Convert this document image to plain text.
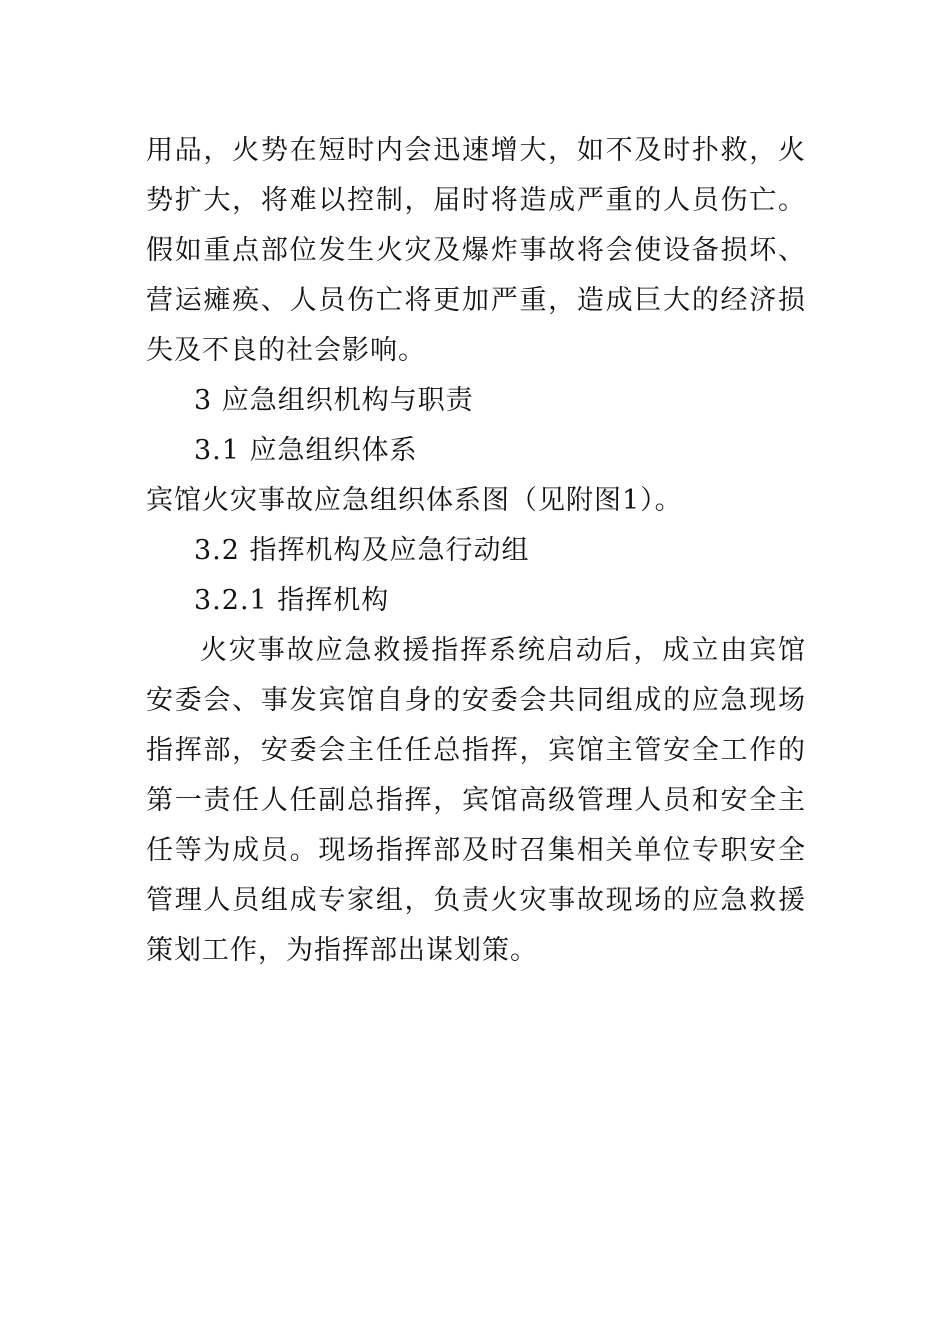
用品，火势在短时内会迅速增大，如不及时扑救，火势扩大，将难以控制，届时将造成严重的人员伤亡。假如重点部位发生火灾及爆炸事故将会使设备损坏、营运瘫痪、人员伤亡将更加严重，造成巨大的经济损失及不良的社会影响。

3 应急组织机构与职责

3.1 应急组织体系

宾馆火灾事故应急组织体系图（见附图1）。

3.2 指挥机构及应急行动组

3.2.1 指挥机构

火灾事故应急救援指挥系统启动后，成立由宾馆安委会、事发宾馆自身的安委会共同组成的应急现场指挥部，安委会主任任总指挥，宾馆主管安全工作的第一责任人任副总指挥，宾馆高级管理人员和安全主任等为成员。现场指挥部及时召集相关单位专职安全管理人员组成专家组，负责火灾事故现场的应急救援策划工作，为指挥部出谋划策。
